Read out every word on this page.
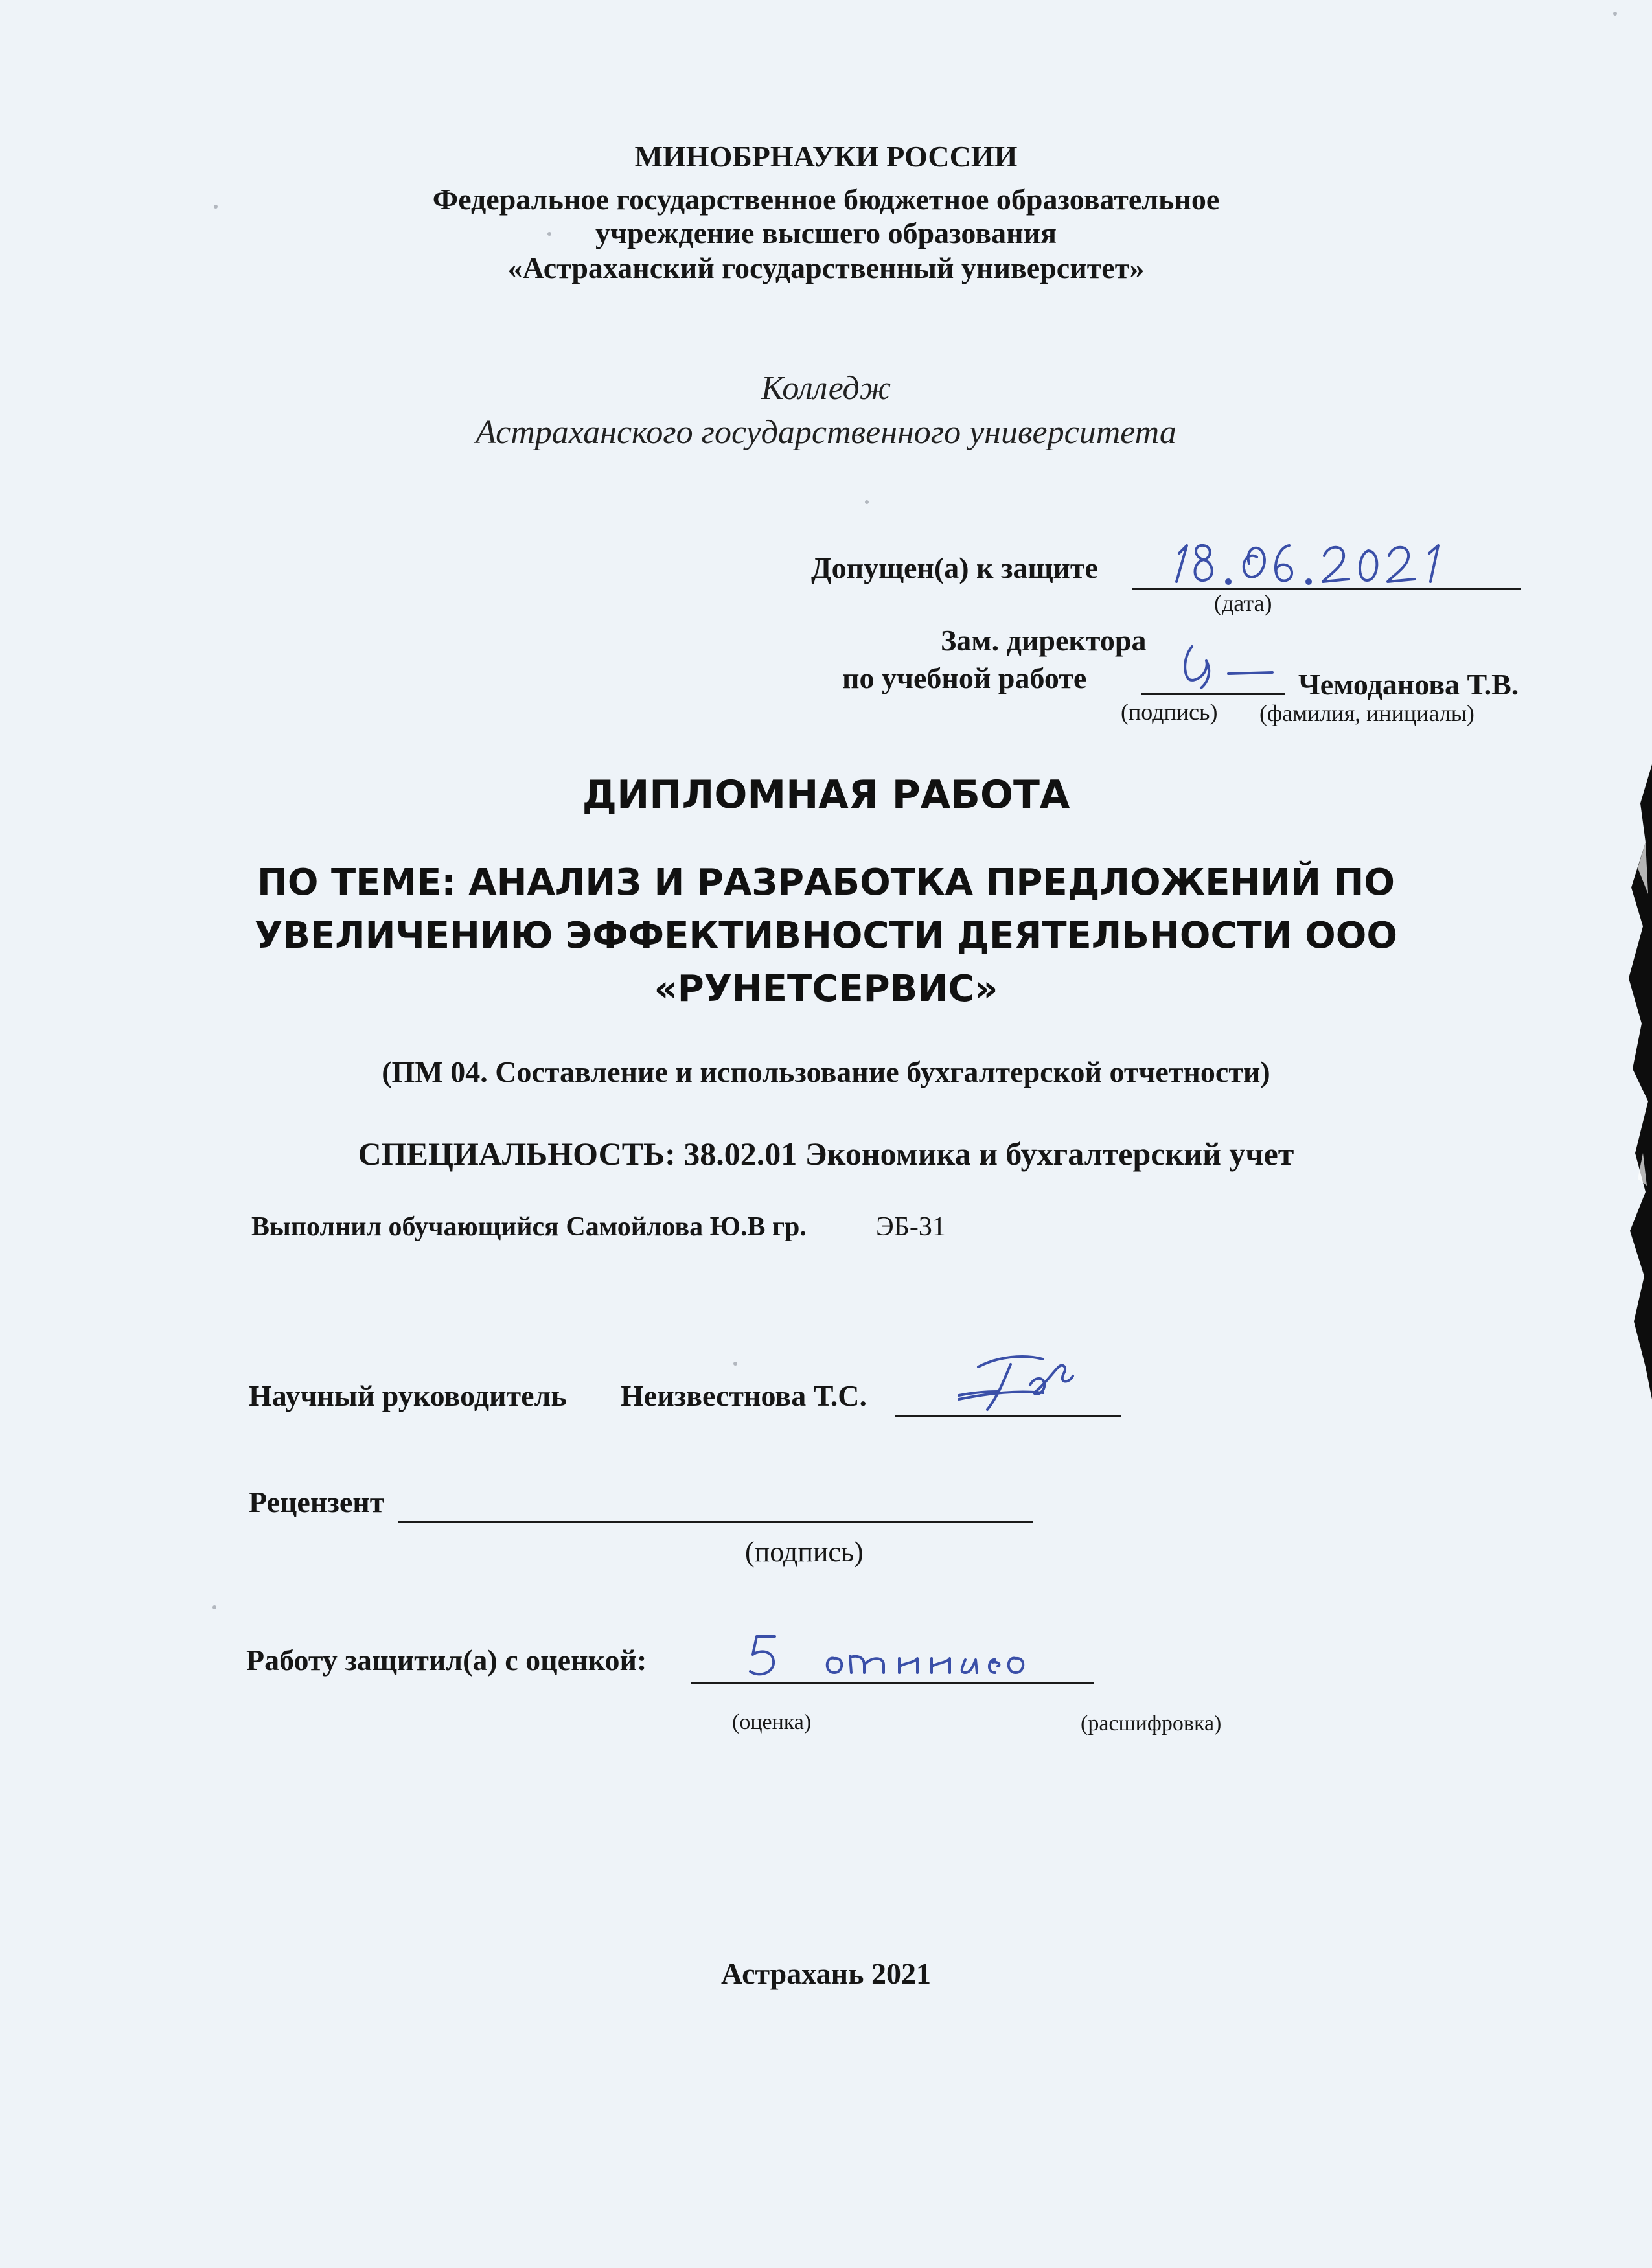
МИНОБРНАУКИ РОССИИ
Федеральное государственное бюджетное образовательное
учреждение высшего образования
«Астраханский государственный университет»
Колледж
Астраханского государственного университета
Допущен(а) к защите
(дата)
Зам. директора
по учебной работе	Чемоданова Т.В.
(подпись) (фамилия, инициалы)
ДИПЛОМНАЯ РАБОТА
ПО ТЕМЕ: АНАЛИЗ И РАЗРАБОТКА ПРЕДЛОЖЕНИЙ ПО
УВЕЛИЧЕНИЮ ЭФФЕКТИВНОСТИ ДЕЯТЕЛЬНОСТИ ООО
«РУНЕТСЕРВИС»
(ПМ 04. Составление и использование бухгалтерской отчетности)
СПЕЦИАЛЬНОСТЬ: 38.02.01 Экономика и бухгалтерский учет
Выполнил обучающийся Самойлова Ю.В гр.	ЭБ-31
Научный руководитель Неизвестнова Т.С.
Рецензент
(подпись)
Работу защитил(а) с оценкой:
(оценка)	(расшифровка)
Астрахань 2021
